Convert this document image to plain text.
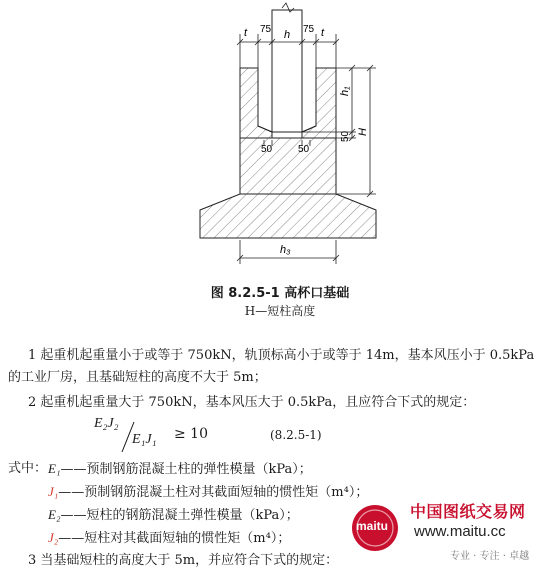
t 75 h 75 t
h₁
50 H
50	50
h₃
图 8.2.5-1 高杯口基础
H—短柱高度
1 起重机起重量小于或等于 750kN，轨顶标高小于或等于 14m，基本风压小于 0.5kPa
的工业厂房，且基础短柱的高度不大于 5m；
2 起重机起重量大于 750kN，基本风压大于 0.5kPa，且应符合下式的规定：
E₂J₂
E₁J₁ ≥ 10	(8.2.5-1)
式中： E₁——预制钢筋混凝土柱的弹性模量（kPa）；
J₁——预制钢筋混凝土柱对其截面短轴的惯性矩（m⁴）；
E₂——短柱的钢筋混凝土弹性模量（kPa）；
J₂——短柱对其截面短轴的惯性矩（m⁴）；
3 当基础短柱的高度大于 5m，并应符合下式的规定：
maitu
中国图纸交易网
www.maitu.cc
专业 · 专注 · 卓越
